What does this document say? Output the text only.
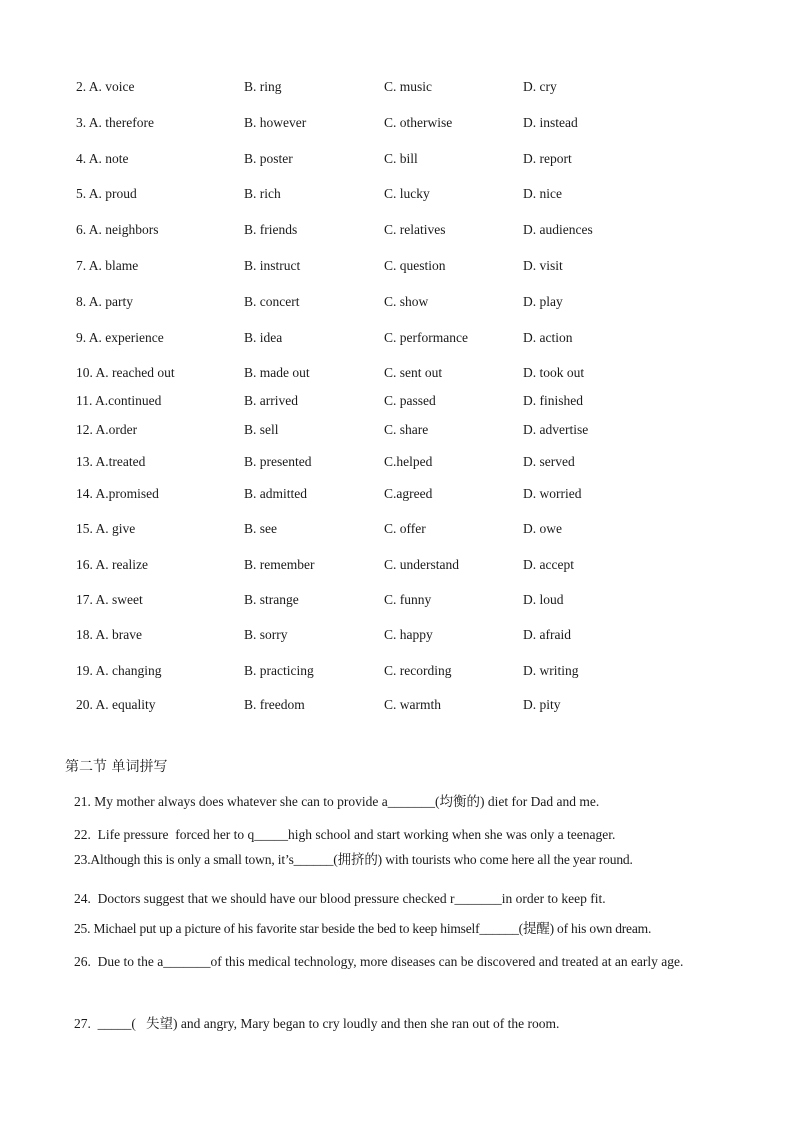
2. A. voice	B. ring	C. music	D. cry
3. A. therefore	B. however	C. otherwise	D. instead
4. A. note	B. poster	C. bill	D. report
5. A. proud	B. rich	C. lucky	D. nice
6. A. neighbors	B. friends	C. relatives	D. audiences
7. A. blame	B. instruct	C. question	D. visit
8. A. party	B. concert	C. show	D. play
9. A. experience	B. idea	C. performance	D. action
10. A. reached out	B. made out	C. sent out	D. took out
11. A.continued	B. arrived	C. passed	D. finished
12. A.order	B. sell	C. share	D. advertise
13. A.treated	B. presented	C.helped	D. served
14. A.promised	B. admitted	C.agreed	D. worried
15. A. give	B. see	C. offer	D. owe
16. A. realize	B. remember	C. understand	D. accept
17. A. sweet	B. strange	C. funny	D. loud
18. A. brave	B. sorry	C. happy	D. afraid
19. A. changing	B. practicing	C. recording	D. writing
20. A. equality	B. freedom	C. warmth	D. pity
第二节 单词拼写
21. My mother always does whatever she can to provide a_______(均衡的) diet for Dad and me.
22.  Life pressure  forced her to q_____high school and start working when she was only a teenager.
23.Although this is only a small town, it’s______(拥挤的) with tourists who come here all the year round.
24.  Doctors suggest that we should have our blood pressure checked r_______in order to keep fit.
25. Michael put up a picture of his favorite star beside the bed to keep himself______(提醒) of his own dream.
26.  Due to the a_______of this medical technology, more diseases can be discovered and treated at an early age.
27.  _____(   失望) and angry, Mary began to cry loudly and then she ran out of the room.
